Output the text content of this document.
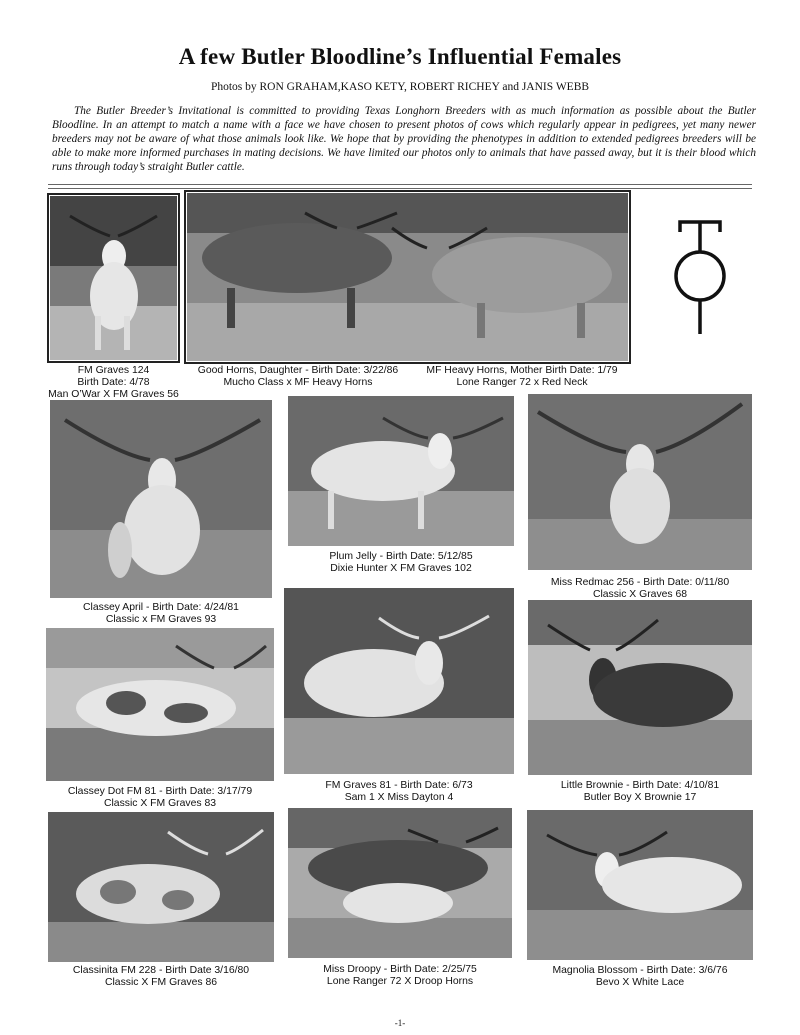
A few Butler Bloodline’s Influential Females
Photos by RON GRAHAM,KASO KETY, ROBERT RICHEY and JANIS WEBB
The Butler Breeder’s Invitational is committed to providing Texas Longhorn Breeders with as much information as possible about the Butler Bloodline. In an attempt to match a name with a face we have chosen to present photos of cows which regularly appear in pedigrees, yet many newer breeders may not be aware of what those animals look like. We hope that by providing the phenotypes in addition to extended pedigrees breeders will be able to make more informed purchases in mating decisions. We have limited our photos only to animals that have passed away, but it is their blood which runs through today’s straight Butler cattle.
FM Graves 124
Birth Date: 4/78
Man O’War X FM Graves 56
Good Horns, Daughter - Birth Date: 3/22/86
Mucho Class x MF Heavy Horns
MF Heavy Horns, Mother Birth Date: 1/79
Lone Ranger 72 x Red Neck
Classey April - Birth Date: 4/24/81
Classic x FM Graves 93
Plum Jelly - Birth Date: 5/12/85
Dixie Hunter X FM Graves 102
Miss Redmac 256 - Birth Date: 0/11/80
Classic X Graves 68
Classey Dot FM 81 - Birth Date: 3/17/79
Classic X FM Graves 83
FM Graves 81 - Birth Date: 6/73
Sam 1 X Miss Dayton 4
Little Brownie - Birth Date: 4/10/81
Butler Boy X Brownie 17
Classinita FM 228 - Birth Date 3/16/80
Classic X FM Graves 86
Miss Droopy - Birth Date: 2/25/75
Lone Ranger 72 X Droop Horns
Magnolia Blossom - Birth Date: 3/6/76
Bevo X White Lace
-1-
